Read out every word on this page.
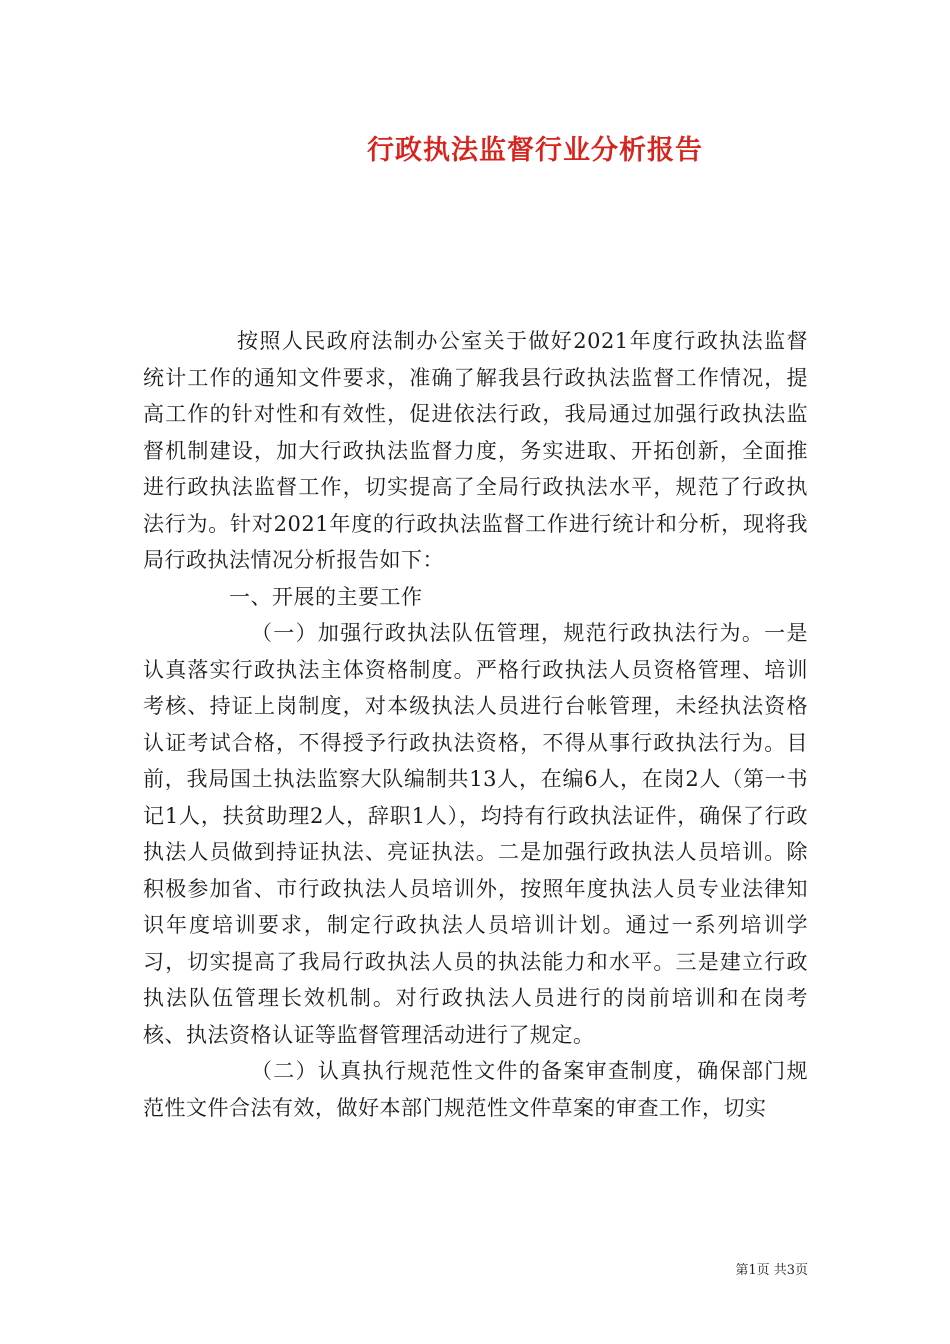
行政执法监督行业分析报告

按照人民政府法制办公室关于做好2021年度行政执法监督统计工作的通知文件要求，准确了解我县行政执法监督工作情况，提高工作的针对性和有效性，促进依法行政，我局通过加强行政执法监督机制建设，加大行政执法监督力度，务实进取、开拓创新，全面推进行政执法监督工作，切实提高了全局行政执法水平，规范了行政执法行为。针对2021年度的行政执法监督工作进行统计和分析，现将我局行政执法情况分析报告如下：

一、开展的主要工作

（一）加强行政执法队伍管理，规范行政执法行为。一是认真落实行政执法主体资格制度。严格行政执法人员资格管理、培训考核、持证上岗制度，对本级执法人员进行台帐管理，未经执法资格认证考试合格，不得授予行政执法资格，不得从事行政执法行为。目前，我局国土执法监察大队编制共13人，在编6人，在岗2人（第一书记1人，扶贫助理2人，辞职1人），均持有行政执法证件，确保了行政执法人员做到持证执法、亮证执法。二是加强行政执法人员培训。除积极参加省、市行政执法人员培训外，按照年度执法人员专业法律知识年度培训要求，制定行政执法人员培训计划。通过一系列培训学习，切实提高了我局行政执法人员的执法能力和水平。三是建立行政执法队伍管理长效机制。对行政执法人员进行的岗前培训和在岗考核、执法资格认证等监督管理活动进行了规定。

（二）认真执行规范性文件的备案审查制度，确保部门规范性文件合法有效，做好本部门规范性文件草案的审查工作，切实

第1页 共3页
